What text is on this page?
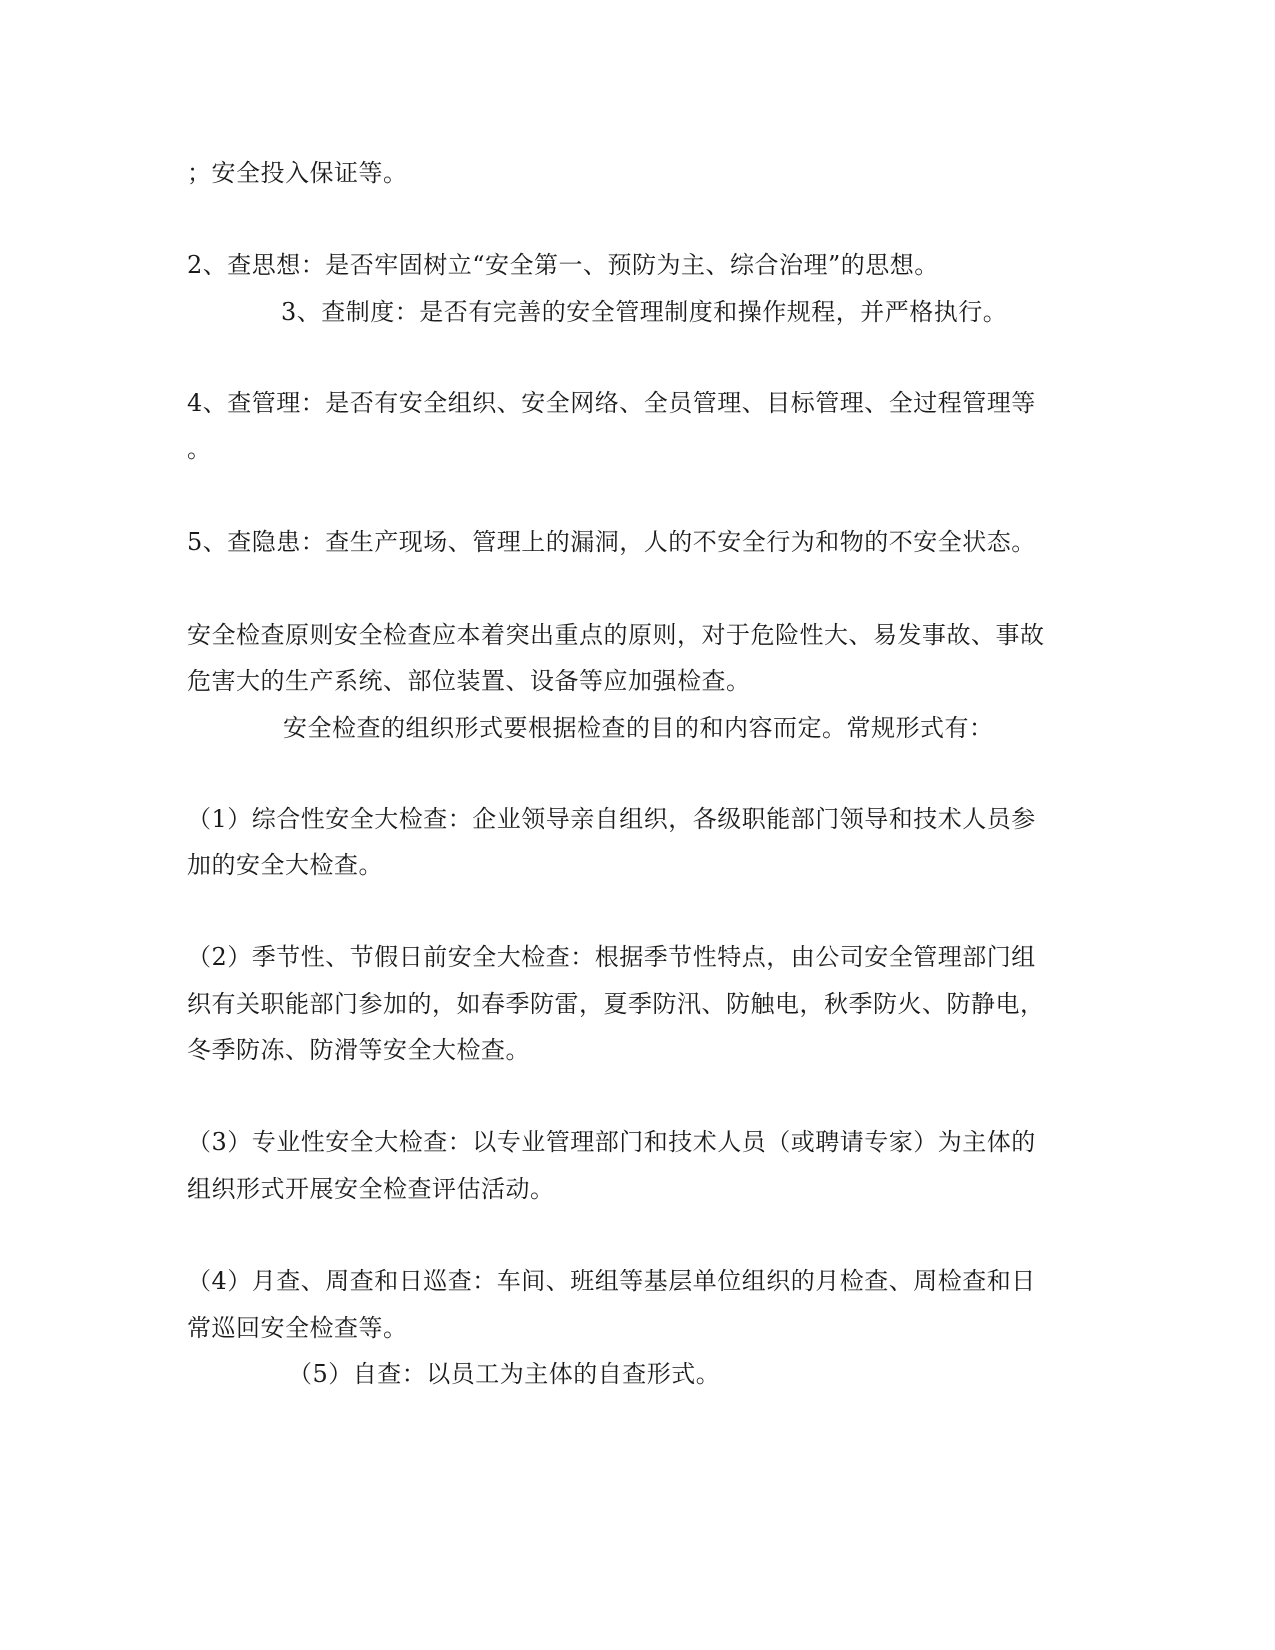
；安全投入保证等。
2、查思想：是否牢固树立“安全第一、预防为主、综合治理”的思想。
3、查制度：是否有完善的安全管理制度和操作规程，并严格执行。
4、查管理：是否有安全组织、安全网络、全员管理、目标管理、全过程管理等
。
5、查隐患：查生产现场、管理上的漏洞，人的不安全行为和物的不安全状态。
安全检查原则安全检查应本着突出重点的原则，对于危险性大、易发事故、事故
危害大的生产系统、部位装置、设备等应加强检查。
安全检查的组织形式要根据检查的目的和内容而定。常规形式有：
（1）综合性安全大检查：企业领导亲自组织，各级职能部门领导和技术人员参
加的安全大检查。
（2）季节性、节假日前安全大检查：根据季节性特点，由公司安全管理部门组
织有关职能部门参加的，如春季防雷，夏季防汛、防触电，秋季防火、防静电，
冬季防冻、防滑等安全大检查。
（3）专业性安全大检查：以专业管理部门和技术人员（或聘请专家）为主体的
组织形式开展安全检查评估活动。
（4）月查、周查和日巡查：车间、班组等基层单位组织的月检查、周检查和日
常巡回安全检查等。
（5）自查：以员工为主体的自查形式。
